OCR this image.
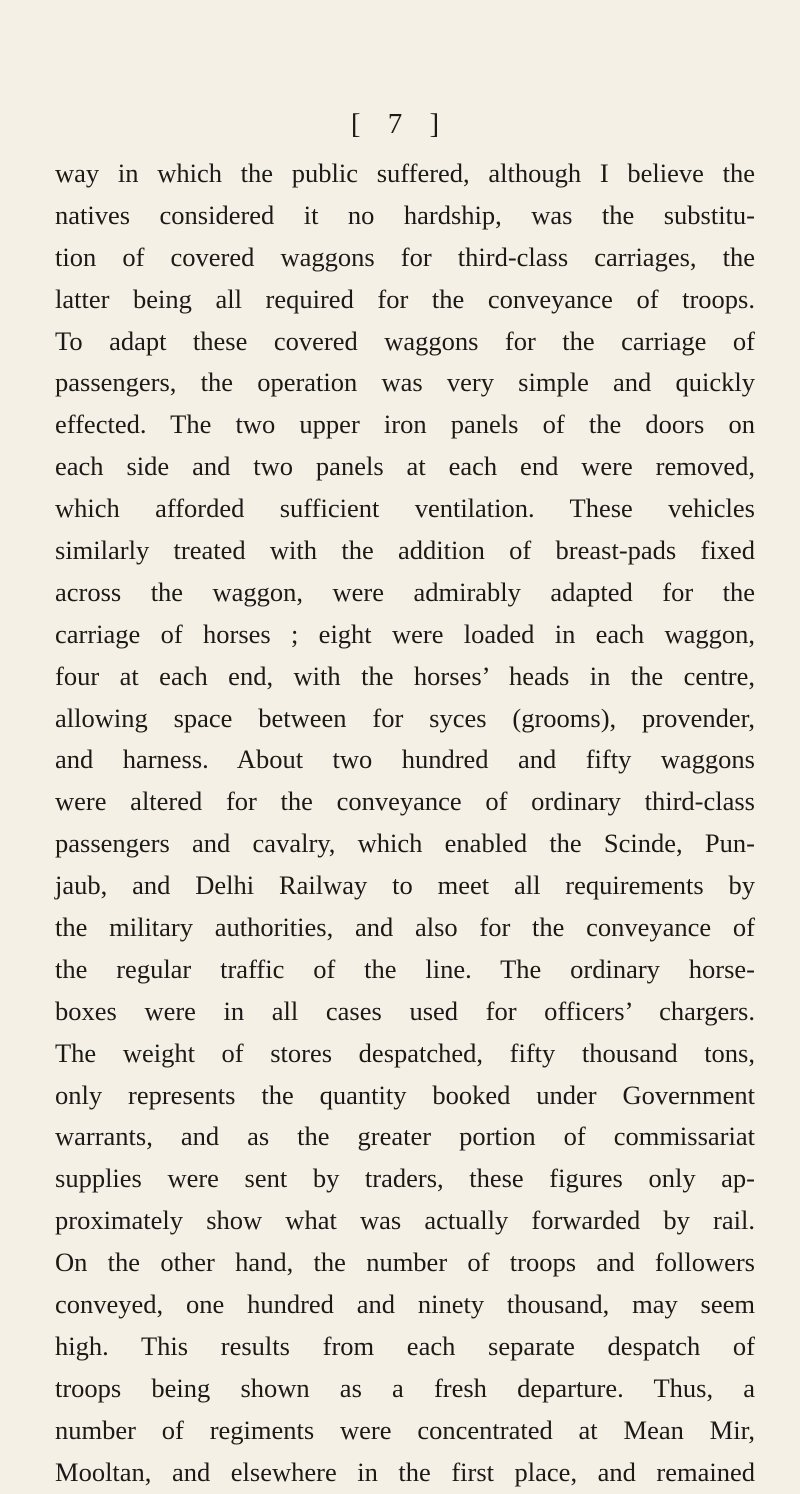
[ 7 ]
way in which the public suffered, although I believe the
natives considered it no hardship, was the substitu-
tion of covered waggons for third-class carriages, the
latter being all required for the conveyance of troops.
To adapt these covered waggons for the carriage of
passengers, the operation was very simple and quickly
effected. The two upper iron panels of the doors on
each side and two panels at each end were removed,
which afforded sufficient ventilation. These vehicles
similarly treated with the addition of breast-pads fixed
across the waggon, were admirably adapted for the
carriage of horses ; eight were loaded in each waggon,
four at each end, with the horses’ heads in the centre,
allowing space between for syces (grooms), provender,
and harness. About two hundred and fifty waggons
were altered for the conveyance of ordinary third-class
passengers and cavalry, which enabled the Scinde, Pun-
jaub, and Delhi Railway to meet all requirements by
the military authorities, and also for the conveyance of
the regular traffic of the line. The ordinary horse-
boxes were in all cases used for officers’ chargers.
The weight of stores despatched, fifty thousand tons,
only represents the quantity booked under Government
warrants, and as the greater portion of commissariat
supplies were sent by traders, these figures only ap-
proximately show what was actually forwarded by rail.
On the other hand, the number of troops and followers
conveyed, one hundred and ninety thousand, may seem
high. This results from each separate despatch of
troops being shown as a fresh departure. Thus, a
number of regiments were concentrated at Mean Mir,
Mooltan, and elsewhere in the first place, and remained
